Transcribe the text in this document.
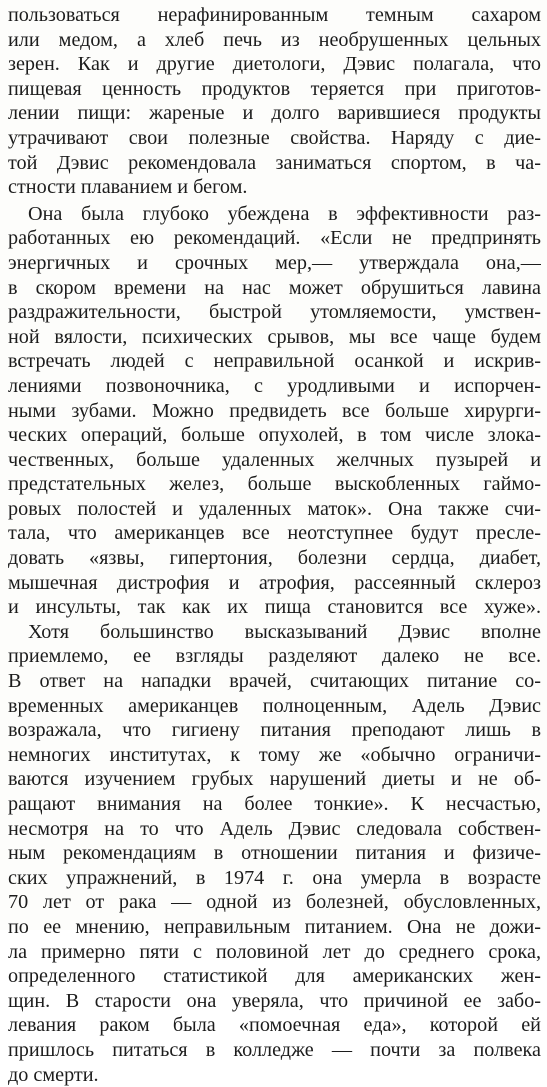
пользоваться нерафинированным темным сахаром
или медом, а хлеб печь из необрушенных цельных
зерен. Как и другие диетологи, Дэвис полагала, что
пищевая ценность продуктов теряется при приготов-
лении пищи: жареные и долго варившиеся продукты
утрачивают свои полезные свойства. Наряду с дие-
той Дэвис рекомендовала заниматься спортом, в ча-
стности плаванием и бегом.
Она была глубоко убеждена в эффективности раз-
работанных ею рекомендаций. «Если не предпринять
энергичных и срочных мер,— утверждала она,—
в скором времени на нас может обрушиться лавина
раздражительности, быстрой утомляемости, умствен-
ной вялости, психических срывов, мы все чаще будем
встречать людей с неправильной осанкой и искрив-
лениями позвоночника, с уродливыми и испорчен-
ными зубами. Можно предвидеть все больше хирурги-
ческих операций, больше опухолей, в том числе злока-
чественных, больше удаленных желчных пузырей и
предстательных желез, больше выскобленных гаймо-
ровых полостей и удаленных маток». Она также счи-
тала, что американцев все неотступнее будут пресле-
довать «язвы, гипертония, болезни сердца, диабет,
мышечная дистрофия и атрофия, рассеянный склероз
и инсульты, так как их пища становится все хуже».
Хотя большинство высказываний Дэвис вполне
приемлемо, ее взгляды разделяют далеко не все.
В ответ на нападки врачей, считающих питание со-
временных американцев полноценным, Адель Дэвис
возражала, что гигиену питания преподают лишь в
немногих институтах, к тому же «обычно ограничи-
ваются изучением грубых нарушений диеты и не об-
ращают внимания на более тонкие». К несчастью,
несмотря на то что Адель Дэвис следовала собствен-
ным рекомендациям в отношении питания и физиче-
ских упражнений, в 1974 г. она умерла в возрасте
70 лет от рака — одной из болезней, обусловленных,
по ее мнению, неправильным питанием. Она не дожи-
ла примерно пяти с половиной лет до среднего срока,
определенного статистикой для американских жен-
щин. В старости она уверяла, что причиной ее забо-
левания раком была «помоечная еда», которой ей
пришлось питаться в колледже — почти за полвека
до смерти.
